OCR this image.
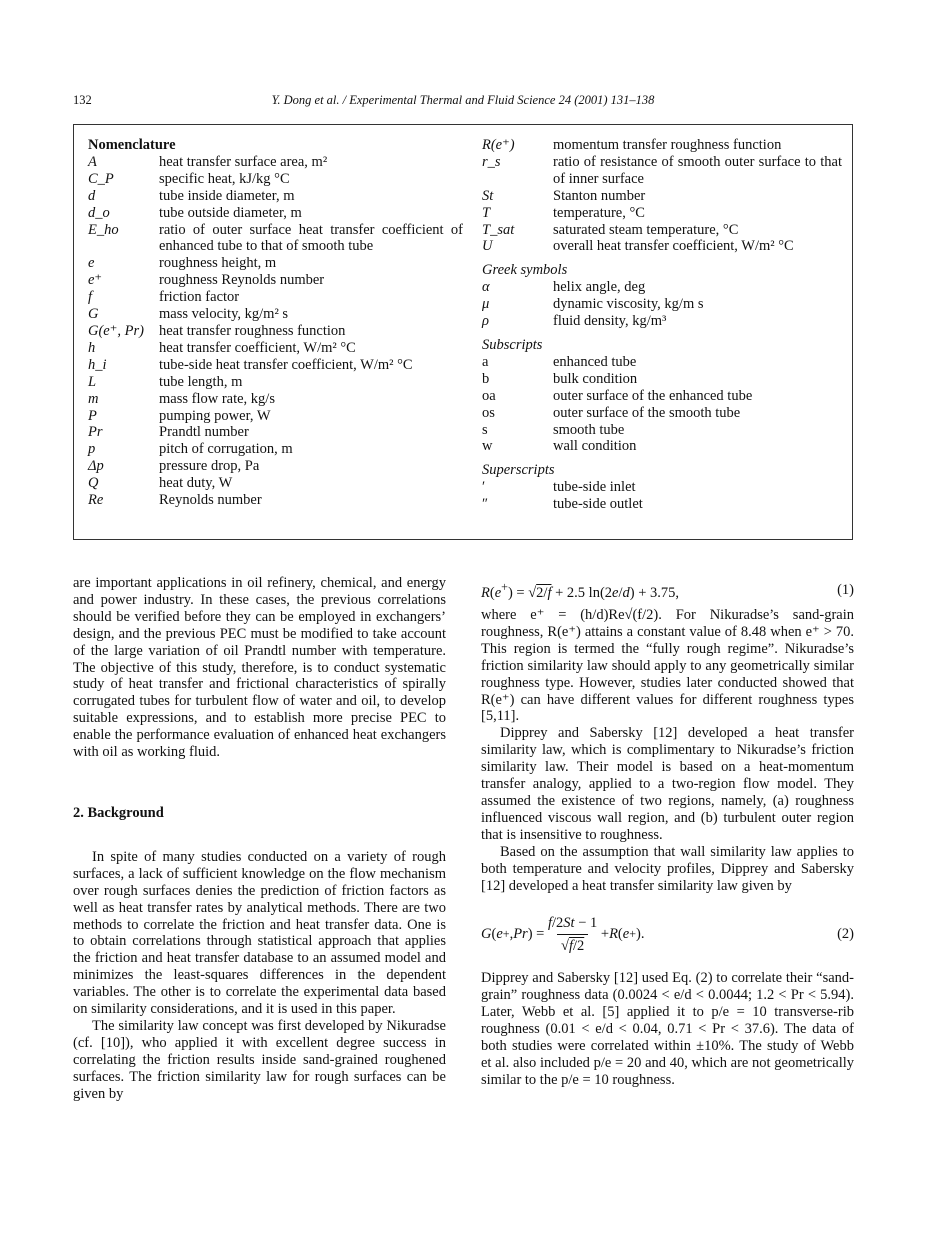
132	Y. Dong et al. / Experimental Thermal and Fluid Science 24 (2001) 131–138
Nomenclature
A	heat transfer surface area, m²
C_P	specific heat, kJ/kg °C
d	tube inside diameter, m
d_o	tube outside diameter, m
E_ho	ratio of outer surface heat transfer coefficient of enhanced tube to that of smooth tube
e	roughness height, m
e⁺	roughness Reynolds number
f	friction factor
G	mass velocity, kg/m² s
G(e⁺, Pr)	heat transfer roughness function
h	heat transfer coefficient, W/m² °C
h_i	tube-side heat transfer coefficient, W/m² °C
L	tube length, m
m	mass flow rate, kg/s
P	pumping power, W
Pr	Prandtl number
p	pitch of corrugation, m
Δp	pressure drop, Pa
Q	heat duty, W
Re	Reynolds number
R(e⁺)	momentum transfer roughness function
r_s	ratio of resistance of smooth outer surface to that of inner surface
St	Stanton number
T	temperature, °C
T_sat	saturated steam temperature, °C
U	overall heat transfer coefficient, W/m² °C
Greek symbols
α	helix angle, deg
μ	dynamic viscosity, kg/m s
ρ	fluid density, kg/m³
Subscripts
a	enhanced tube
b	bulk condition
oa	outer surface of the enhanced tube
os	outer surface of the smooth tube
s	smooth tube
w	wall condition
Superscripts
′	tube-side inlet
″	tube-side outlet

are important applications in oil refinery, chemical, and energy and power industry. In these cases, the previous correlations should be verified before they can be employed in exchangers’ design, and the previous PEC must be modified to take account of the large variation of oil Prandtl number with temperature. The objective of this study, therefore, is to conduct systematic study of heat transfer and frictional characteristics of spirally corrugated tubes for turbulent flow of water and oil, to develop suitable expressions, and to establish more precise PEC to enable the performance evaluation of enhanced heat exchangers with oil as working fluid.

2. Background

In spite of many studies conducted on a variety of rough surfaces, a lack of sufficient knowledge on the flow mechanism over rough surfaces denies the prediction of friction factors as well as heat transfer rates by analytical methods. There are two methods to correlate the friction and heat transfer data. One is to obtain correlations through statistical approach that applies the friction and heat transfer database to an assumed model and minimizes the least-squares differences in the dependent variables. The other is to correlate the experimental data based on similarity considerations, and it is used in this paper.

The similarity law concept was first developed by Nikuradse (cf. [10]), who applied it with excellent degree success in correlating the friction results inside sand-grained roughened surfaces. The friction similarity law for rough surfaces can be given by

R(e+) = √2/f + 2.5 ln(2e/d) + 3.75,	(1)

where e⁺ = (h/d)Re√(f/2). For Nikuradse’s sand-grain roughness, R(e⁺) attains a constant value of 8.48 when e⁺ > 70. This region is termed the “fully rough regime”. Nikuradse’s friction similarity law should apply to any geometrically similar roughness type. However, studies later conducted showed that R(e⁺) can have different values for different roughness types [5,11].

Dipprey and Sabersky [12] developed a heat transfer similarity law, which is complimentary to Nikuradse’s friction similarity law. Their model is based on a heat-momentum transfer analogy, applied to a two-region flow model. They assumed the existence of two regions, namely, (a) roughness influenced viscous wall region, and (b) turbulent outer region that is insensitive to roughness.

Based on the assumption that wall similarity law applies to both temperature and velocity profiles, Dipprey and Sabersky [12] developed a heat transfer similarity law given by

G ( e + , Pr ) =
f/2St − 1
√f/2
+ R ( e + ).	(2)

Dipprey and Sabersky [12] used Eq. (2) to correlate their “sand-grain” roughness data (0.0024 < e/d < 0.0044; 1.2 < Pr < 5.94). Later, Webb et al. [5] applied it to p/e = 10 transverse-rib roughness (0.01 < e/d < 0.04, 0.71 < Pr < 37.6). The data of both studies were correlated within ±10%. The study of Webb et al. also included p/e = 20 and 40, which are not geometrically similar to the p/e = 10 roughness.
